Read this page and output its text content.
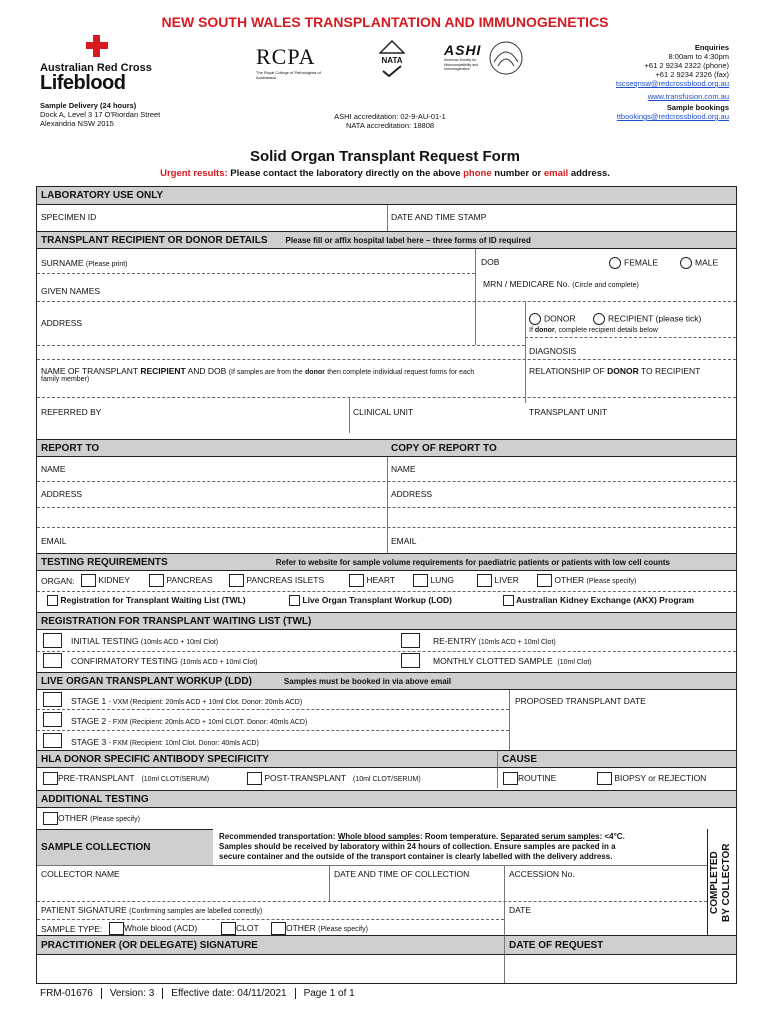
NEW SOUTH WALES TRANSPLANTATION AND IMMUNOGENETICS
Australian Red Cross
Lifeblood
RCPA
The Royal College of Pathologists of Australasia
NATA
ASHI
American Society for Histocompatibility and Immunogenetics
Enquiries
8:00am to 4:30pm
+61 2 9234 2322 (phone)
+61 2 9234 2326 (fax)
tscseqnsw@redcrossblood.org.au
www.transfusion.com.au
Sample bookings
ttbookings@redcrossblood.org.au
Sample Delivery (24 hours)
Dock A, Level 3 17 O'Riordan Street
Alexandria NSW 2015
ASHI accreditation: 02-9-AU-01-1
NATA accreditation: 18808
Solid Organ Transplant Request Form
Urgent results: Please contact the laboratory directly on the above phone number or email address.
LABORATORY USE ONLY
SPECIMEN ID	DATE AND TIME STAMP
TRANSPLANT RECIPIENT OR DONOR DETAILS Please fill or affix hospital label here – three forms of ID required
SURNAME (Please print)	DOB	FEMALE	MALE
MRN / MEDICARE No. (Circle and complete)
GIVEN NAMES
DONOR	RECIPIENT (please tick)
ADDRESS
If donor, complete recipient details below
DIAGNOSIS
NAME OF TRANSPLANT RECIPIENT AND DOB (If samples are from the donor then complete individual request forms for each
family member)
RELATIONSHIP OF DONOR TO RECIPIENT
REFERRED BY	CLINICAL UNIT	TRANSPLANT UNIT
REPORT TO	COPY OF REPORT TO
NAME	NAME
ADDRESS	ADDRESS
EMAIL	EMAIL
TESTING REQUIREMENTS	Refer to website for sample volume requirements for paediatric patients or patients with low cell counts
ORGAN:	KIDNEY	PANCREAS	PANCREAS ISLETS	HEART	LUNG	LIVER	OTHER (Please specify)
Registration for Transplant Waiting List (TWL)	Live Organ Transplant Workup (LOD)	Australian Kidney Exchange (AKX) Program
REGISTRATION FOR TRANSPLANT WAITING LIST (TWL)
INITIAL TESTING (10mls ACD + 10ml Clot)	RE-ENTRY (10mls ACD + 10ml Clot)
CONFIRMATORY TESTING (10mls ACD + 10ml Clot)	MONTHLY CLOTTED SAMPLE (10ml Clot)
LIVE ORGAN TRANSPLANT WORKUP (LDD)	Samples must be booked in via above email
STAGE 1 - VXM (Recipient: 20mls ACD + 10ml Clot. Donor: 20mls ACD)	PROPOSED TRANSPLANT DATE
STAGE 2 - FXM (Recipient: 20mls ACD + 10ml CLOT. Donor: 40mls ACD)
STAGE 3 - FXM (Recipient: 10ml Clot. Donor: 40mls ACD)
HLA DONOR SPECIFIC ANTIBODY SPECIFICITY	CAUSE
PRE-TRANSPLANT (10ml CLOT/SERUM)	POST-TRANSPLANT (10ml CLOT/SERUM)	ROUTINE	BIOPSY or REJECTION
ADDITIONAL TESTING
OTHER (Please specify)
SAMPLE COLLECTION
Recommended transportation: Whole blood samples: Room temperature. Separated serum samples: <4°C.
Samples should be received by laboratory within 24 hours of collection. Ensure samples are packed in a
secure container and the outside of the transport container is clearly labelled with the delivery address.
COLLECTOR NAME	DATE AND TIME OF COLLECTION	ACCESSION No.
PATIENT SIGNATURE (Confirming samples are labelled correctly)	DATE
SAMPLE TYPE:	Whole blood (ACD)	CLOT	OTHER (Please specify)
COMPLETED
BY COLLECTOR
PRACTITIONER (OR DELEGATE) SIGNATURE	DATE OF REQUEST
FRM-01676	Version: 3	Effective date: 04/11/2021	Page 1 of 1
